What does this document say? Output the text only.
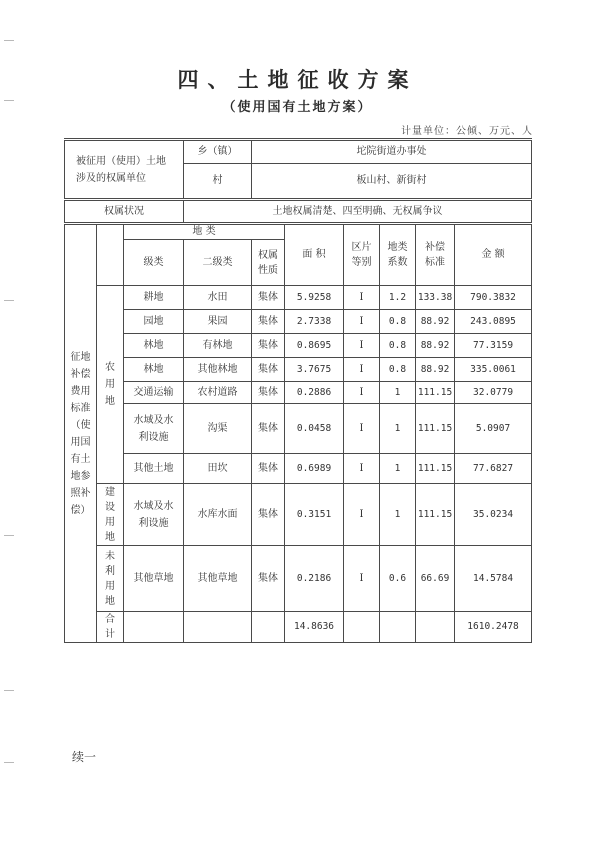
四、土地征收方案
（使用国有土地方案）
计量单位：公倾、万元、人
被征用（使用）土地涉及的权属单位			乡（镇）	坨院街道办事处					
			村	板山村、新街村					
权属状况			土地权属清楚、四至明确、无权属争议						
征地补偿费用标准（使用国有土地参照补偿）		地 类			面 积	区片等别	地类系数	补偿标准	金 额
		级类	二级类	权属性质					

	农用地	耕地	水田	集体	5.9258	I	1.2	133.38	790.3832
		园地	果园	集体	2.7338	I	0.8	88.92	243.0895
		林地	有林地	集体	0.8695	I	0.8	88.92	77.3159
		林地	其他林地	集体	3.7675	I	0.8	88.92	335.0061
		交通运输	农村道路	集体	0.2886	I	1	111.15	32.0779

		水域及水利设施	沟渠	集体	0.0458	I	1	111.15	5.0907
		其他土地	田坎	集体	0.6989	I	1	111.15	77.6827
	建设用地	水域及水利设施	水库水面	集体	0.3151	I	1	111.15	35.0234
	未利用地	其他草地	其他草地	集体	0.2186	I	0.6	66.69	14.5784
	合计				14.8636				1610.2478
续一
